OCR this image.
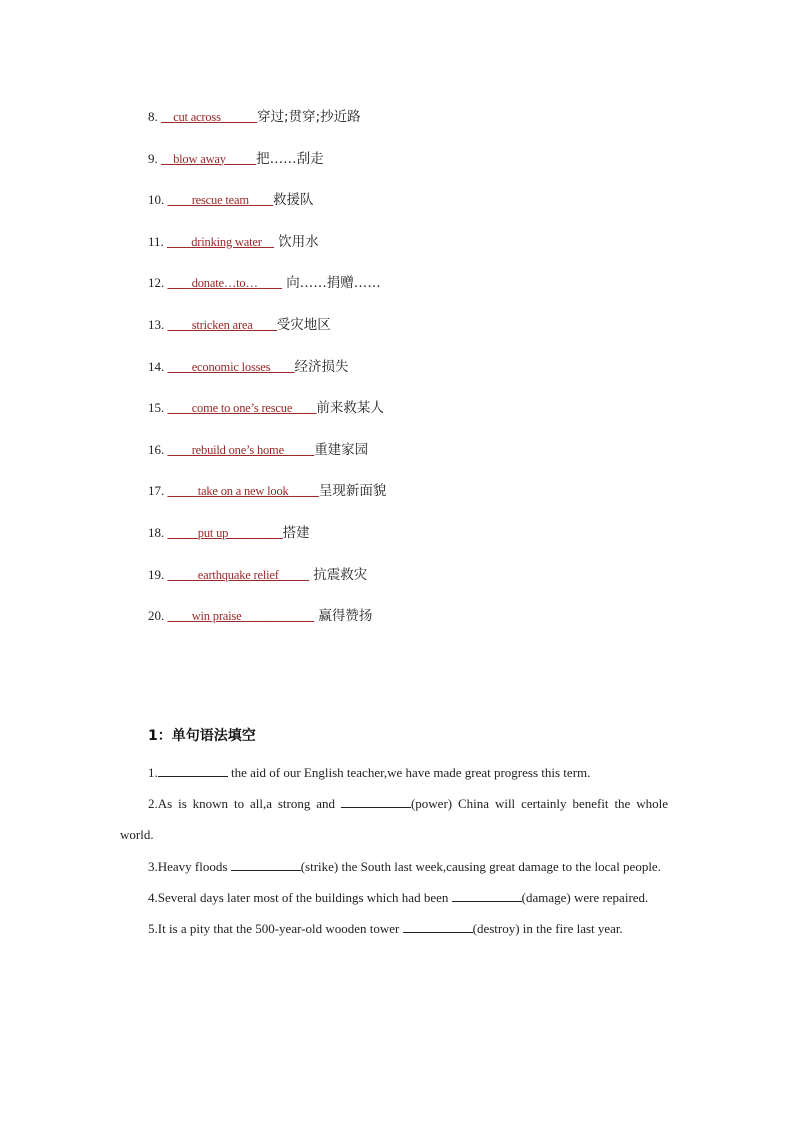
8. __cut across______穿过;贯穿;抄近路
9. __blow away_____把……刮走
10. ____rescue team____救援队
11. ____drinking water__ 饮用水
12. ____donate…to…____ 向……捐赠……
13. ____stricken area____受灾地区
14. ____economic losses____经济损失
15. ____come to one’s rescue____前来救某人
16. ____rebuild one’s home_____重建家园
17. _____take on a new look_____呈现新面貌
18. _____put up_________搭建
19. _____earthquake relief_____ 抗震救灾
20. ____win praise____________ 赢得赞扬
1：单句语法填空

1.	the aid of our English teacher,we have made great progress this term.

2.As is known to all,a strong and	(power) China will certainly benefit the whole world.

3.Heavy floods	(strike) the South last week,causing great damage to the local people.

4.Several days later most of the buildings which had been	(damage) were repaired.

5.It is a pity that the 500-year-old wooden tower	(destroy) in the fire last year.
